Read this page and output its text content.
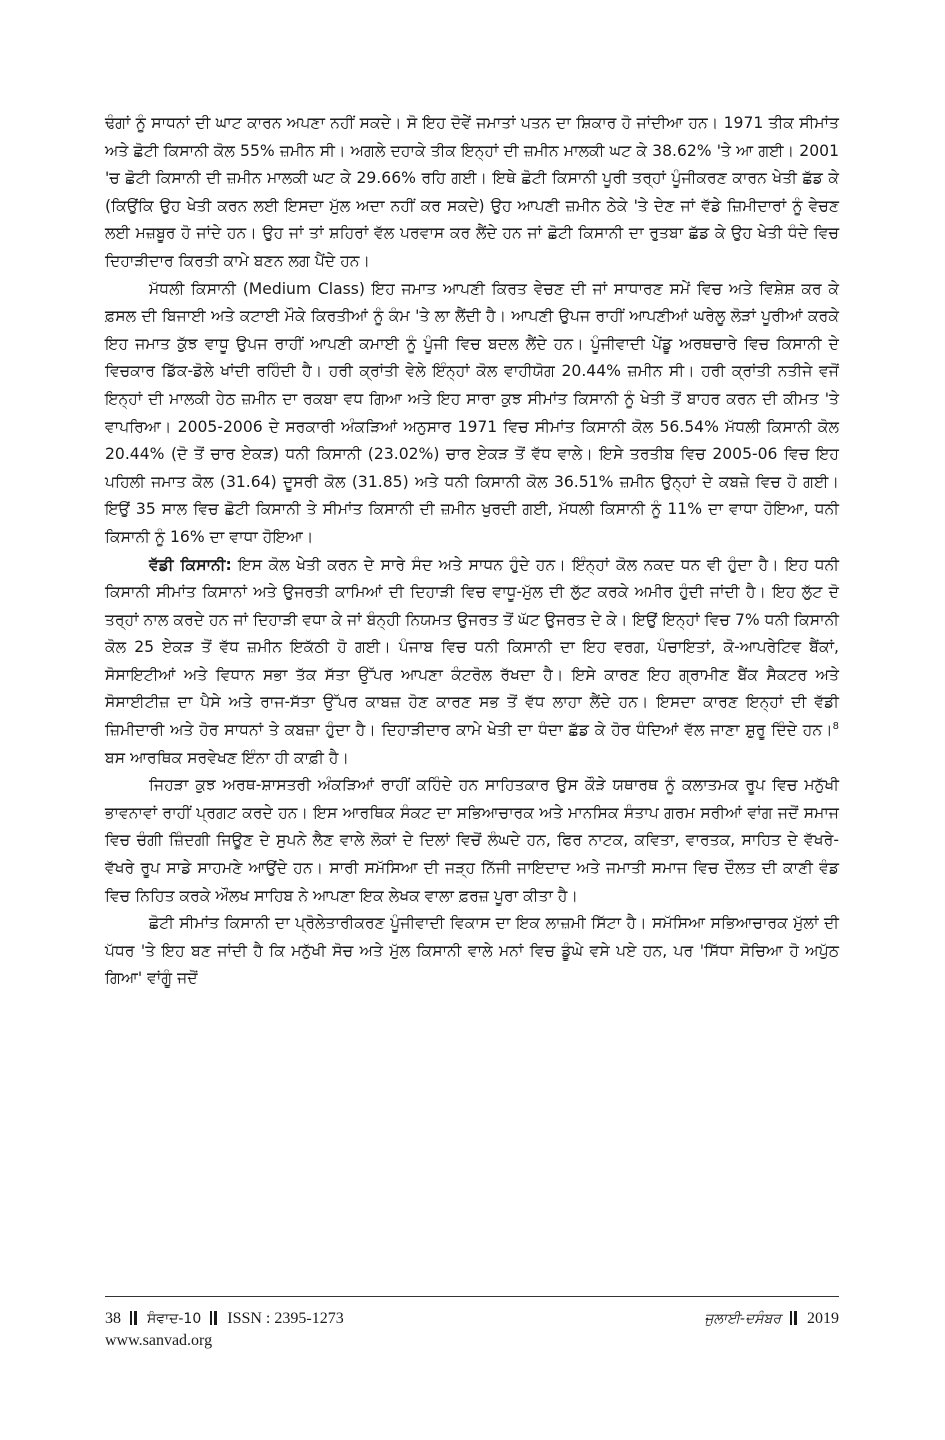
ਢੰਗਾਂ ਨੂੰ ਸਾਧਨਾਂ ਦੀ ਘਾਟ ਕਾਰਨ ਅਪਣਾ ਨਹੀਂ ਸਕਦੇ। ਸੋ ਇਹ ਦੋਵੇਂ ਜਮਾਤਾਂ ਪਤਨ ਦਾ ਸ਼ਿਕਾਰ ਹੋ ਜਾਂਦੀਆ ਹਨ। 1971 ਤੀਕ ਸੀਮਾਂਤ ਅਤੇ ਛੋਟੀ ਕਿਸਾਨੀ ਕੋਲ 55% ਜ਼ਮੀਨ ਸੀ। ਅਗਲੇ ਦਹਾਕੇ ਤੀਕ ਇਨ੍ਹਾਂ ਦੀ ਜ਼ਮੀਨ ਮਾਲਕੀ ਘਟ ਕੇ 38.62% 'ਤੇ ਆ ਗਈ। 2001 'ਚ ਛੋਟੀ ਕਿਸਾਨੀ ਦੀ ਜ਼ਮੀਨ ਮਾਲਕੀ ਘਟ ਕੇ 29.66% ਰਹਿ ਗਈ। ਇਥੇ ਛੋਟੀ ਕਿਸਾਨੀ ਪੂਰੀ ਤਰ੍ਹਾਂ ਪੂੰਜੀਕਰਣ ਕਾਰਨ ਖੇਤੀ ਛੱਡ ਕੇ (ਕਿਉਂਕਿ ਉਹ ਖੇਤੀ ਕਰਨ ਲਈ ਇਸਦਾ ਮੁੱਲ ਅਦਾ ਨਹੀਂ ਕਰ ਸਕਦੇ) ਉਹ ਆਪਣੀ ਜ਼ਮੀਨ ਠੇਕੇ 'ਤੇ ਦੇਣ ਜਾਂ ਵੱਡੇ ਜ਼ਿਮੀਦਾਰਾਂ ਨੂੰ ਵੇਚਣ ਲਈ ਮਜ਼ਬੂਰ ਹੋ ਜਾਂਦੇ ਹਨ। ਉਹ ਜਾਂ ਤਾਂ ਸ਼ਹਿਰਾਂ ਵੱਲ ਪਰਵਾਸ ਕਰ ਲੈਂਦੇ ਹਨ ਜਾਂ ਛੋਟੀ ਕਿਸਾਨੀ ਦਾ ਰੁਤਬਾ ਛੱਡ ਕੇ ਉਹ ਖੇਤੀ ਧੰਦੇ ਵਿਚ ਦਿਹਾੜੀਦਾਰ ਕਿਰਤੀ ਕਾਮੇ ਬਣਨ ਲਗ ਪੈਂਦੇ ਹਨ।

ਮੱਧਲੀ ਕਿਸਾਨੀ (Medium Class) ਇਹ ਜਮਾਤ ਆਪਣੀ ਕਿਰਤ ਵੇਚਣ ਦੀ ਜਾਂ ਸਾਧਾਰਣ ਸਮੇਂ ਵਿਚ ਅਤੇ ਵਿਸ਼ੇਸ਼ ਕਰ ਕੇ ਫ਼ਸਲ ਦੀ ਬਿਜਾਈ ਅਤੇ ਕਟਾਈ ਮੌਕੇ ਕਿਰਤੀਆਂ ਨੂੰ ਕੰਮ 'ਤੇ ਲਾ ਲੈਂਦੀ ਹੈ। ਆਪਣੀ ਉਪਜ ਰਾਹੀਂ ਆਪਣੀਆਂ ਘਰੇਲੂ ਲੋੜਾਂ ਪੂਰੀਆਂ ਕਰਕੇ ਇਹ ਜਮਾਤ ਕੁੱਝ ਵਾਧੂ ਉਪਜ ਰਾਹੀਂ ਆਪਣੀ ਕਮਾਈ ਨੂੰ ਪੂੰਜੀ ਵਿਚ ਬਦਲ ਲੈਂਦੇ ਹਨ। ਪੂੰਜੀਵਾਦੀ ਪੇਂਡੂ ਅਰਥਚਾਰੇ ਵਿਚ ਕਿਸਾਨੀ ਦੇ ਵਿਚਕਾਰ ਡਿੱਕ-ਡੋਲੇ ਖਾਂਦੀ ਰਹਿੰਦੀ ਹੈ। ਹਰੀ ਕ੍ਰਾਂਤੀ ਵੇਲੇ ਇੰਨ੍ਹਾਂ ਕੋਲ ਵਾਹੀਯੋਗ 20.44% ਜ਼ਮੀਨ ਸੀ। ਹਰੀ ਕ੍ਰਾਂਤੀ ਨਤੀਜੇ ਵਜੋਂ ਇਨ੍ਹਾਂ ਦੀ ਮਾਲਕੀ ਹੇਠ ਜ਼ਮੀਨ ਦਾ ਰਕਬਾ ਵਧ ਗਿਆ ਅਤੇ ਇਹ ਸਾਰਾ ਕੁਝ ਸੀਮਾਂਤ ਕਿਸਾਨੀ ਨੂੰ ਖੇਤੀ ਤੋਂ ਬਾਹਰ ਕਰਨ ਦੀ ਕੀਮਤ 'ਤੇ ਵਾਪਰਿਆ। 2005-2006 ਦੇ ਸਰਕਾਰੀ ਅੰਕੜਿਆਂ ਅਨੁਸਾਰ 1971 ਵਿਚ ਸੀਮਾਂਤ ਕਿਸਾਨੀ ਕੋਲ 56.54% ਮੱਧਲੀ ਕਿਸਾਨੀ ਕੋਲ 20.44% (ਦੋ ਤੋਂ ਚਾਰ ਏਕੜ) ਧਨੀ ਕਿਸਾਨੀ (23.02%) ਚਾਰ ਏਕੜ ਤੋਂ ਵੱਧ ਵਾਲੇ। ਇਸੇ ਤਰਤੀਬ ਵਿਚ 2005-06 ਵਿਚ ਇਹ ਪਹਿਲੀ ਜਮਾਤ ਕੋਲ (31.64) ਦੂਸਰੀ ਕੋਲ (31.85) ਅਤੇ ਧਨੀ ਕਿਸਾਨੀ ਕੋਲ 36.51% ਜ਼ਮੀਨ ਉਨ੍ਹਾਂ ਦੇ ਕਬਜ਼ੇ ਵਿਚ ਹੋ ਗਈ। ਇਉਂ 35 ਸਾਲ ਵਿਚ ਛੋਟੀ ਕਿਸਾਨੀ ਤੇ ਸੀਮਾਂਤ ਕਿਸਾਨੀ ਦੀ ਜ਼ਮੀਨ ਖੁਰਦੀ ਗਈ, ਮੱਧਲੀ ਕਿਸਾਨੀ ਨੂੰ 11% ਦਾ ਵਾਧਾ ਹੋਇਆ, ਧਨੀ ਕਿਸਾਨੀ ਨੂੰ 16% ਦਾ ਵਾਧਾ ਹੋਇਆ।

ਵੱਡੀ ਕਿਸਾਨੀ: ਇਸ ਕੋਲ ਖੇਤੀ ਕਰਨ ਦੇ ਸਾਰੇ ਸੰਦ ਅਤੇ ਸਾਧਨ ਹੁੰਦੇ ਹਨ। ਇੰਨ੍ਹਾਂ ਕੋਲ ਨਕਦ ਧਨ ਵੀ ਹੁੰਦਾ ਹੈ। ਇਹ ਧਨੀ ਕਿਸਾਨੀ ਸੀਮਾਂਤ ਕਿਸਾਨਾਂ ਅਤੇ ਉਜਰਤੀ ਕਾਮਿਆਂ ਦੀ ਦਿਹਾੜੀ ਵਿਚ ਵਾਧੂ-ਮੁੱਲ ਦੀ ਲੁੱਟ ਕਰਕੇ ਅਮੀਰ ਹੁੰਦੀ ਜਾਂਦੀ ਹੈ। ਇਹ ਲੁੱਟ ਦੋ ਤਰ੍ਹਾਂ ਨਾਲ ਕਰਦੇ ਹਨ ਜਾਂ ਦਿਹਾੜੀ ਵਧਾ ਕੇ ਜਾਂ ਬੰਨ੍ਹੀ ਨਿਯਮਤ ਉਜਰਤ ਤੋਂ ਘੱਟ ਉਜਰਤ ਦੇ ਕੇ। ਇਉਂ ਇਨ੍ਹਾਂ ਵਿਚ 7% ਧਨੀ ਕਿਸਾਨੀ ਕੋਲ 25 ਏਕੜ ਤੋਂ ਵੱਧ ਜ਼ਮੀਨ ਇਕੱਠੀ ਹੋ ਗਈ। ਪੰਜਾਬ ਵਿਚ ਧਨੀ ਕਿਸਾਨੀ ਦਾ ਇਹ ਵਰਗ, ਪੰਚਾਇਤਾਂ, ਕੋ-ਆਪਰੇਟਿਵ ਬੈਂਕਾਂ, ਸੋਸਾਇਟੀਆਂ ਅਤੇ ਵਿਧਾਨ ਸਭਾ ਤੱਕ ਸੱਤਾ ਉੱਪਰ ਆਪਣਾ ਕੰਟਰੋਲ ਰੱਖਦਾ ਹੈ। ਇਸੇ ਕਾਰਣ ਇਹ ਗ੍ਰਾਮੀਣ ਬੈਂਕ ਸੈਕਟਰ ਅਤੇ ਸੋਸਾਈਟੀਜ਼ ਦਾ ਪੈਸੇ ਅਤੇ ਰਾਜ-ਸੱਤਾ ਉੱਪਰ ਕਾਬਜ਼ ਹੋਣ ਕਾਰਣ ਸਭ ਤੋਂ ਵੱਧ ਲਾਹਾ ਲੈਂਦੇ ਹਨ। ਇਸਦਾ ਕਾਰਣ ਇਨ੍ਹਾਂ ਦੀ ਵੱਡੀ ਜ਼ਿਮੀਦਾਰੀ ਅਤੇ ਹੋਰ ਸਾਧਨਾਂ ਤੇ ਕਬਜ਼ਾ ਹੁੰਦਾ ਹੈ। ਦਿਹਾੜੀਦਾਰ ਕਾਮੇ ਖੇਤੀ ਦਾ ਧੰਦਾ ਛੱਡ ਕੇ ਹੋਰ ਧੰਦਿਆਂ ਵੱਲ ਜਾਣਾ ਸ਼ੁਰੂ ਦਿੰਦੇ ਹਨ।$^8$ ਬਸ ਆਰਥਿਕ ਸਰਵੇਖਣ ਇੰਨਾ ਹੀ ਕਾਫ਼ੀ ਹੈ।

ਜਿਹੜਾ ਕੁਝ ਅਰਥ-ਸ਼ਾਸਤਰੀ ਅੰਕੜਿਆਂ ਰਾਹੀਂ ਕਹਿੰਦੇ ਹਨ ਸਾਹਿਤਕਾਰ ਉਸ ਕੌੜੇ ਯਥਾਰਥ ਨੂੰ ਕਲਾਤਮਕ ਰੂਪ ਵਿਚ ਮਨੁੱਖੀ ਭਾਵਨਾਵਾਂ ਰਾਹੀਂ ਪ੍ਰਗਟ ਕਰਦੇ ਹਨ। ਇਸ ਆਰਥਿਕ ਸੰਕਟ ਦਾ ਸਭਿਆਚਾਰਕ ਅਤੇ ਮਾਨਸਿਕ ਸੰਤਾਪ ਗਰਮ ਸਰੀਆਂ ਵਾਂਗ ਜਦੋਂ ਸਮਾਜ ਵਿਚ ਚੰਗੀ ਜ਼ਿੰਦਗੀ ਜਿਊਣ ਦੇ ਸੁਪਨੇ ਲੈਣ ਵਾਲੇ ਲੋਕਾਂ ਦੇ ਦਿਲਾਂ ਵਿਚੋਂ ਲੰਘਦੇ ਹਨ, ਫਿਰ ਨਾਟਕ, ਕਵਿਤਾ, ਵਾਰਤਕ, ਸਾਹਿਤ ਦੇ ਵੱਖਰੇ-ਵੱਖਰੇ ਰੂਪ ਸਾਡੇ ਸਾਹਮਣੇ ਆਉਂਦੇ ਹਨ। ਸਾਰੀ ਸਮੱਸਿਆ ਦੀ ਜੜ੍ਹ ਨਿੱਜੀ ਜਾਇਦਾਦ ਅਤੇ ਜਮਾਤੀ ਸਮਾਜ ਵਿਚ ਦੌਲਤ ਦੀ ਕਾਣੀ ਵੰਡ ਵਿਚ ਨਿਹਿਤ ਕਰਕੇ ਔਲਖ ਸਾਹਿਬ ਨੇ ਆਪਣਾ ਇਕ ਲੇਖਕ ਵਾਲਾ ਫ਼ਰਜ਼ ਪੂਰਾ ਕੀਤਾ ਹੈ।

ਛੋਟੀ ਸੀਮਾਂਤ ਕਿਸਾਨੀ ਦਾ ਪ੍ਰੋਲੇਤਾਰੀਕਰਣ ਪੂੰਜੀਵਾਦੀ ਵਿਕਾਸ ਦਾ ਇਕ ਲਾਜ਼ਮੀ ਸਿੱਟਾ ਹੈ। ਸਮੱਸਿਆ ਸਭਿਆਚਾਰਕ ਮੁੱਲਾਂ ਦੀ ਪੱਧਰ 'ਤੇ ਇਹ ਬਣ ਜਾਂਦੀ ਹੈ ਕਿ ਮਨੁੱਖੀ ਸੋਚ ਅਤੇ ਮੁੱਲ ਕਿਸਾਨੀ ਵਾਲੇ ਮਨਾਂ ਵਿਚ ਡੂੰਘੇ ਵਸੇ ਪਏ ਹਨ, ਪਰ 'ਸਿੱਧਾ ਸੋਚਿਆ ਹੋ ਅਪੁੱਠ ਗਿਆ' ਵਾਂਗੂੰ ਜਦੋਂ

38 ਸੰਵਾਦ-10 ISSN : 2395-1273
www.sanvad.org
ਜੁਲਾਈ-ਦਸੰਬਰ 2019
